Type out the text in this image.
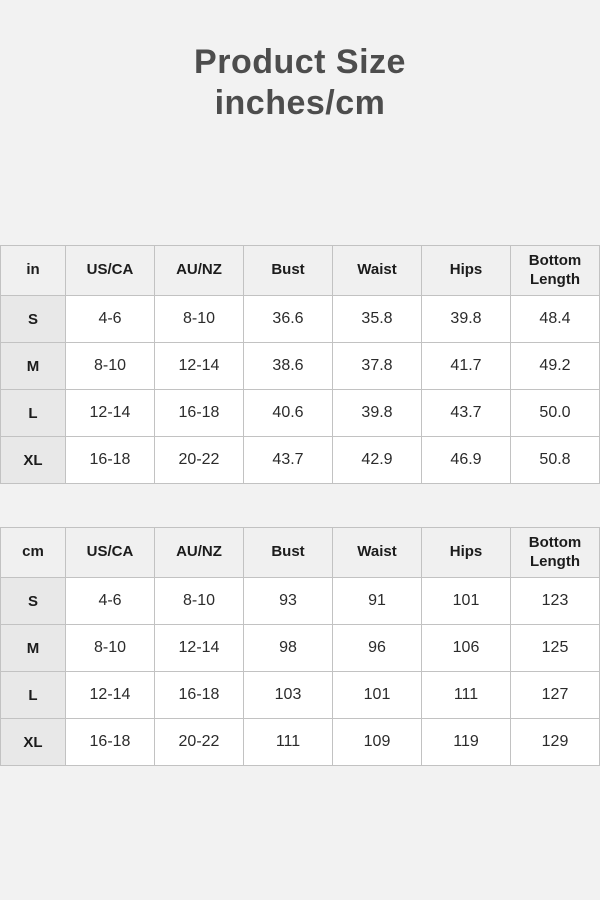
Product Size
inches/cm
in	US/CA	AU/NZ	Bust	Waist	Hips	Bottom Length
S	4-6	8-10	36.6	35.8	39.8	48.4
M	8-10	12-14	38.6	37.8	41.7	49.2
L	12-14	16-18	40.6	39.8	43.7	50.0
XL	16-18	20-22	43.7	42.9	46.9	50.8
cm	US/CA	AU/NZ	Bust	Waist	Hips	Bottom Length
S	4-6	8-10	93	91	101	123
M	8-10	12-14	98	96	106	125
L	12-14	16-18	103	101	111	127
XL	16-18	20-22	111	109	119	129
